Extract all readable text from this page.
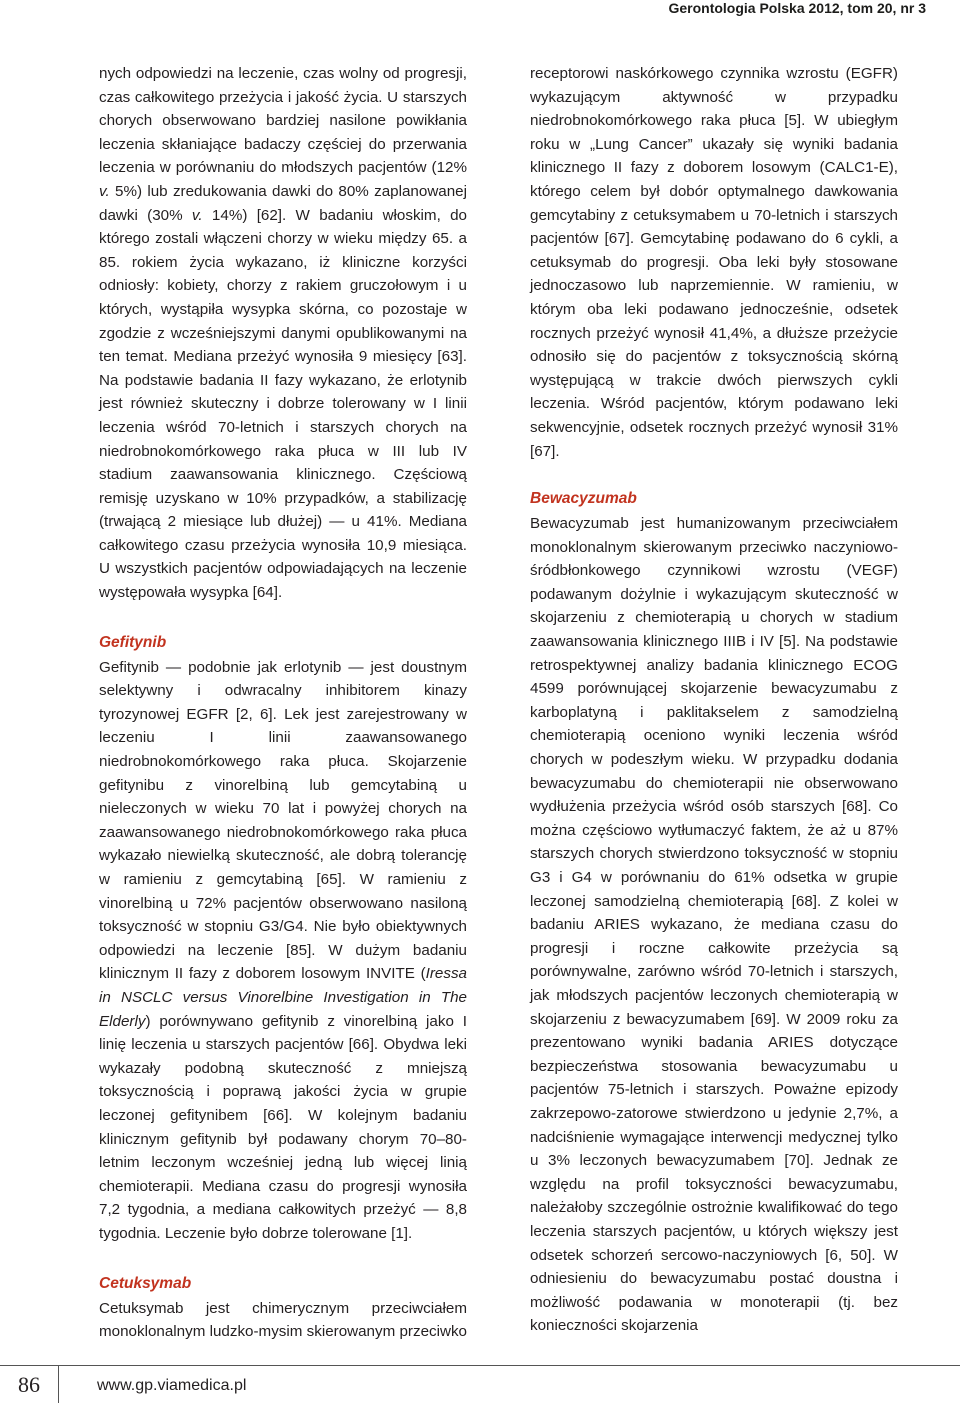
Gerontologia Polska 2012, tom 20, nr 3

nych odpowiedzi na leczenie, czas wolny od progresji, czas całkowitego przeżycia i jakość życia. U starszych chorych obserwowano bardziej nasilone powikłania leczenia skłaniające badaczy częściej do przerwania leczenia w porównaniu do młodszych pacjentów (12% v. 5%) lub zredukowania dawki do 80% zaplanowanej dawki (30% v. 14%) [62]. W badaniu włoskim, do którego zostali włączeni chorzy w wieku między 65. a 85. rokiem życia wykazano, iż kliniczne korzyści odniosły: kobiety, chorzy z rakiem gruczołowym i u których, wystąpiła wysypka skórna, co pozostaje w zgodzie z wcześniejszymi danymi opublikowanymi na ten temat. Mediana przeżyć wynosiła 9 miesięcy [63]. Na podstawie badania II fazy wykazano, że erlotynib jest również skuteczny i dobrze tolerowany w I linii leczenia wśród 70-letnich i starszych chorych na niedrobnokomórkowego raka płuca w III lub IV stadium zaawansowania klinicznego. Częściową remisję uzyskano w 10% przypadków, a stabilizację (trwającą 2 miesiące lub dłużej) — u 41%. Mediana całkowitego czasu przeżycia wynosiła 10,9 miesiąca. U wszystkich pacjentów odpowiadających na leczenie występowała wysypka [64].

Gefitynib

Gefitynib — podobnie jak erlotynib — jest doustnym selektywny i odwracalny inhibitorem kinazy tyrozynowej EGFR [2, 6]. Lek jest zarejestrowany w leczeniu I linii zaawansowanego niedrobnokomórkowego raka płuca. Skojarzenie gefitynibu z vinorelbiną lub gemcytabiną u nieleczonych w wieku 70 lat i powyżej chorych na zaawansowanego niedrobnokomórkowego raka płuca wykazało niewielką skuteczność, ale dobrą tolerancję w ramieniu z gemcytabiną [65]. W ramieniu z vinorelbiną u 72% pacjentów obserwowano nasiloną toksyczność w stopniu G3/G4. Nie było obiektywnych odpowiedzi na leczenie [85]. W dużym badaniu klinicznym II fazy z doborem losowym INVITE (Iressa in NSCLC versus Vinorelbine Investigation in The Elderly) porównywano gefitynib z vinorelbiną jako I linię leczenia u starszych pacjentów [66]. Obydwa leki wykazały podobną skuteczność z mniejszą toksycznością i poprawą jakości życia w grupie leczonej gefitynibem [66]. W kolejnym badaniu klinicznym gefitynib był podawany chorym 70–80-letnim leczonym wcześniej jedną lub więcej linią chemioterapii. Mediana czasu do progresji wynosiła 7,2 tygodnia, a mediana całkowitych przeżyć — 8,8 tygodnia. Leczenie było dobrze tolerowane [1].

Cetuksymab

Cetuksymab jest chimerycznym przeciwciałem monoklonalnym ludzko-mysim skierowanym przeciwko

receptorowi naskórkowego czynnika wzrostu (EGFR) wykazującym aktywność w przypadku niedrobnokomórkowego raka płuca [5]. W ubiegłym roku w „Lung Cancer” ukazały się wyniki badania klinicznego II fazy z doborem losowym (CALC1-E), którego celem był dobór optymalnego dawkowania gemcytabiny z cetuksymabem u 70-letnich i starszych pacjentów [67]. Gemcytabinę podawano do 6 cykli, a cetuksymab do progresji. Oba leki były stosowane jednoczasowo lub naprzemiennie. W ramieniu, w którym oba leki podawano jednocześnie, odsetek rocznych przeżyć wynosił 41,4%, a dłuższe przeżycie odnosiło się do pacjentów z toksycznością skórną występującą w trakcie dwóch pierwszych cykli leczenia. Wśród pacjentów, którym podawano leki sekwencyjnie, odsetek rocznych przeżyć wynosił 31% [67].

Bewacyzumab

Bewacyzumab jest humanizowanym przeciwciałem monoklonalnym skierowanym przeciwko naczyniowo-śródbłonkowego czynnikowi wzrostu (VEGF) podawanym dożylnie i wykazującym skuteczność w skojarzeniu z chemioterapią u chorych w stadium zaawansowania klinicznego IIIB i IV [5]. Na podstawie retrospektywnej analizy badania klinicznego ECOG 4599 porównującej skojarzenie bewacyzumabu z karboplatyną i paklitakselem z samodzielną chemioterapią oceniono wyniki leczenia wśród chorych w podeszłym wieku. W przypadku dodania bewacyzumabu do chemioterapii nie obserwowano wydłużenia przeżycia wśród osób starszych [68]. Co można częściowo wytłumaczyć faktem, że aż u 87% starszych chorych stwierdzono toksyczność w stopniu G3 i G4 w porównaniu do 61% odsetka w grupie leczonej samodzielną chemioterapią [68]. Z kolei w badaniu ARIES wykazano, że mediana czasu do progresji i roczne całkowite przeżycia są porównywalne, zarówno wśród 70-letnich i starszych, jak młodszych pacjentów leczonych chemioterapią w skojarzeniu z bewacyzumabem [69]. W 2009 roku za prezentowano wyniki badania ARIES dotyczące bezpieczeństwa stosowania bewacyzumabu u pacjentów 75-letnich i starszych. Poważne epizody zakrzepowo-zatorowe stwierdzono u jedynie 2,7%, a nadciśnienie wymagające interwencji medycznej tylko u 3% leczonych bewacyzumabem [70]. Jednak ze względu na profil toksyczności bewacyzumabu, należałoby szczególnie ostrożnie kwalifikować do tego leczenia starszych pacjentów, u których większy jest odsetek schorzeń sercowo-naczyniowych [6, 50]. W odniesieniu do bewacyzumabu postać doustna i możliwość podawania w monoterapii (tj. bez konieczności skojarzenia

86	www.gp.viamedica.pl
